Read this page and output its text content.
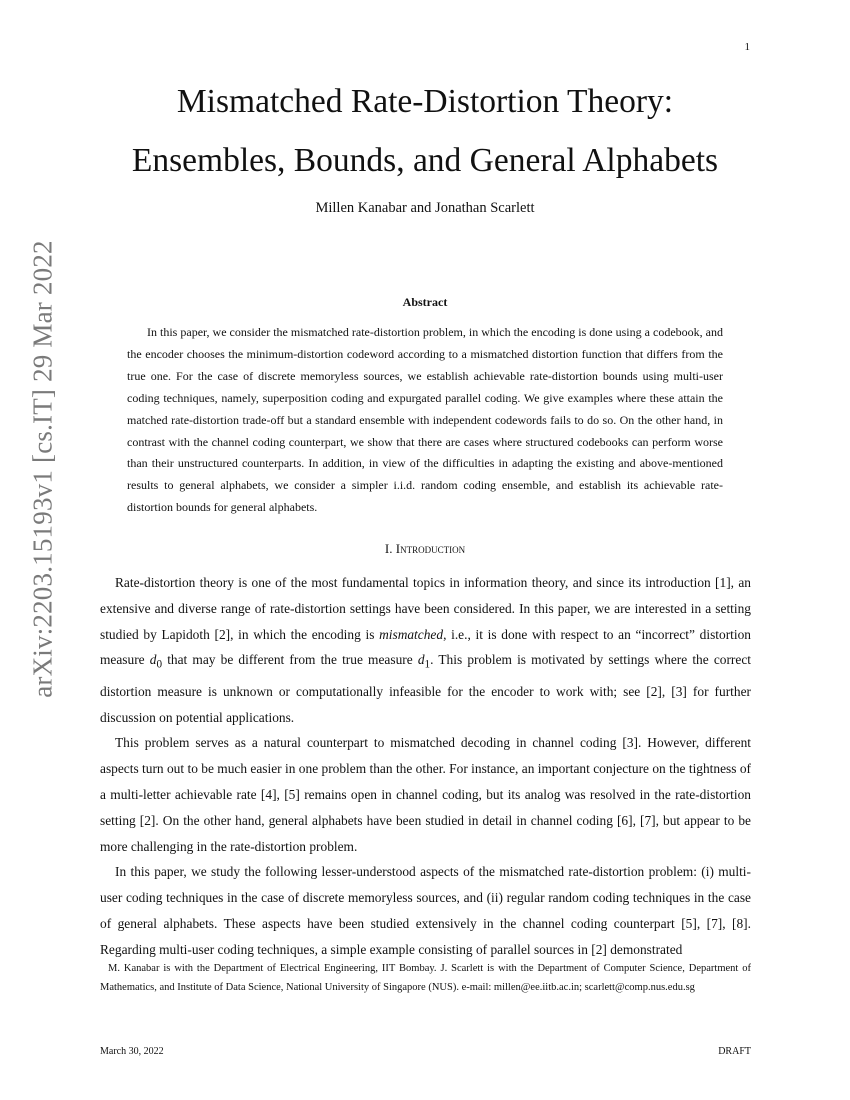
1
arXiv:2203.15193v1 [cs.IT] 29 Mar 2022
Mismatched Rate-Distortion Theory:
Ensembles, Bounds, and General Alphabets
Millen Kanabar and Jonathan Scarlett
Abstract
In this paper, we consider the mismatched rate-distortion problem, in which the encoding is done using a codebook, and the encoder chooses the minimum-distortion codeword according to a mismatched distortion function that differs from the true one. For the case of discrete memoryless sources, we establish achievable rate-distortion bounds using multi-user coding techniques, namely, superposition coding and expurgated parallel coding. We give examples where these attain the matched rate-distortion trade-off but a standard ensemble with independent codewords fails to do so. On the other hand, in contrast with the channel coding counterpart, we show that there are cases where structured codebooks can perform worse than their unstructured counterparts. In addition, in view of the difficulties in adapting the existing and above-mentioned results to general alphabets, we consider a simpler i.i.d. random coding ensemble, and establish its achievable rate-distortion bounds for general alphabets.
I. Introduction

Rate-distortion theory is one of the most fundamental topics in information theory, and since its introduction [1], an extensive and diverse range of rate-distortion settings have been considered. In this paper, we are interested in a setting studied by Lapidoth [2], in which the encoding is mismatched, i.e., it is done with respect to an “incorrect” distortion measure $d_0$ that may be different from the true measure $d_1$. This problem is motivated by settings where the correct distortion measure is unknown or computationally infeasible for the encoder to work with; see [2], [3] for further discussion on potential applications.

This problem serves as a natural counterpart to mismatched decoding in channel coding [3]. However, different aspects turn out to be much easier in one problem than the other. For instance, an important conjecture on the tightness of a multi-letter achievable rate [4], [5] remains open in channel coding, but its analog was resolved in the rate-distortion setting [2]. On the other hand, general alphabets have been studied in detail in channel coding [6], [7], but appear to be more challenging in the rate-distortion problem.

In this paper, we study the following lesser-understood aspects of the mismatched rate-distortion problem: (i) multi-user coding techniques in the case of discrete memoryless sources, and (ii) regular random coding techniques in the case of general alphabets. These aspects have been studied extensively in the channel coding counterpart [5], [7], [8]. Regarding multi-user coding techniques, a simple example consisting of parallel sources in [2] demonstrated

M. Kanabar is with the Department of Electrical Engineering, IIT Bombay. J. Scarlett is with the Department of Computer Science, Department of Mathematics, and Institute of Data Science, National University of Singapore (NUS). e-mail: millen@ee.iitb.ac.in; scarlett@comp.nus.edu.sg
March 30, 2022	DRAFT
